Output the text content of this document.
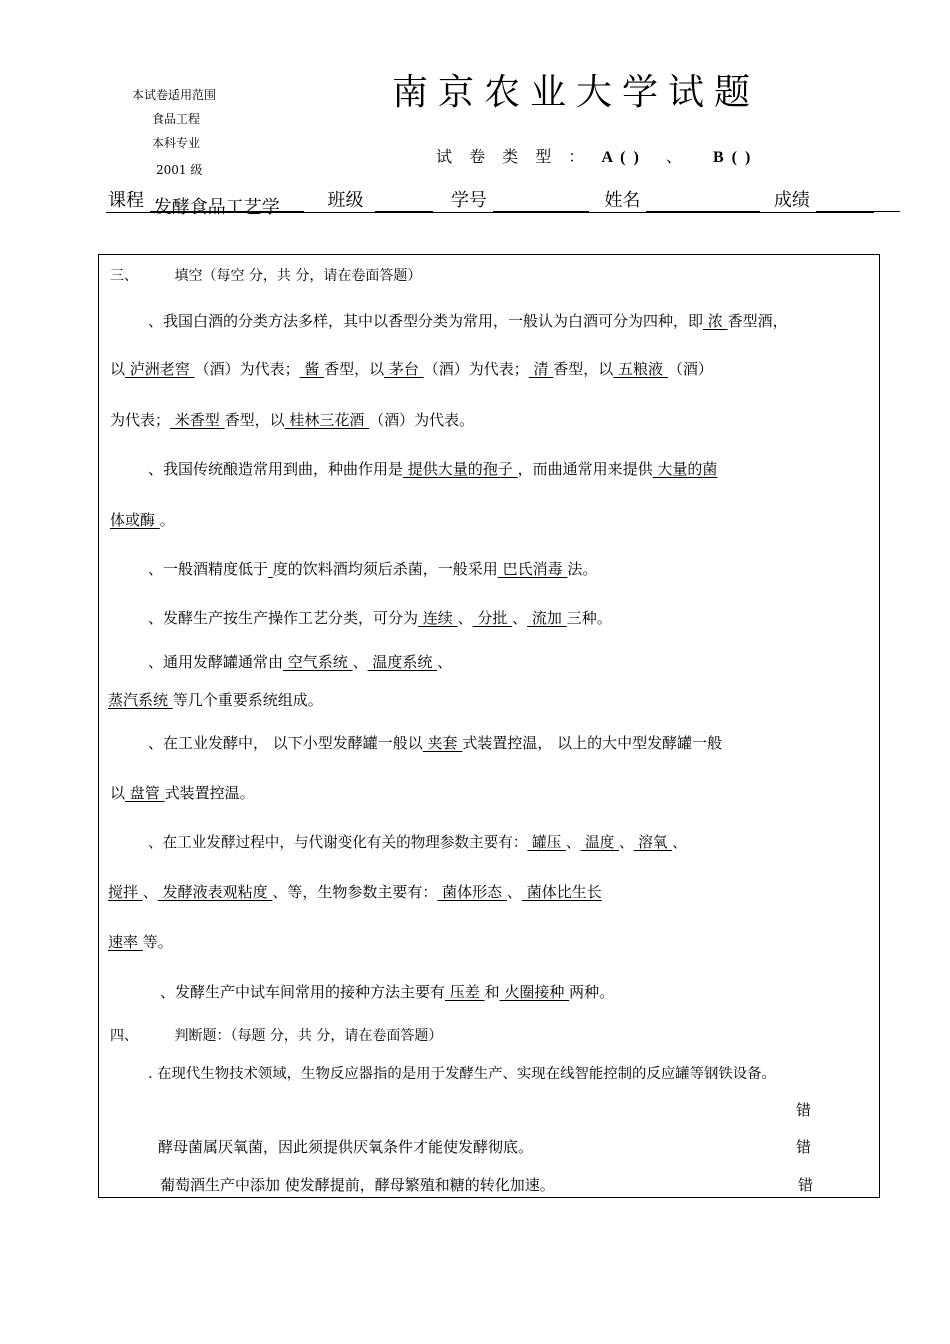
本试卷适用范围
食品工程
本科专业
2001 级
南京农业大学试题
试 卷 类 型 ： A ( ) 、 B ( )
课程 发酵食品工艺学	班级	学号	姓名	成绩
三、	填空（每空 分，共 分，请在卷面答题）
、我国白酒的分类方法多样，其中以香型分类为常用，一般认为白酒可分为四种，即 浓 香型酒，
以 泸洲老窖 （酒）为代表； 酱 香型，以 茅台 （酒）为代表； 清 香型，以 五粮液 （酒）
为代表； 米香型 香型，以 桂林三花酒 （酒）为代表。
、我国传统酿造常用到曲，种曲作用是 提供大量的孢子 ，而曲通常用来提供 大量的菌
体或酶 。
、一般酒精度低于 度的饮料酒均须后杀菌，一般采用 巴氏消毒 法。
、发酵生产按生产操作工艺分类，可分为 连续 、 分批 、 流加 三种。
、通用发酵罐通常由 空气系统 、 温度系统 、
蒸汽系统 等几个重要系统组成。
、在工业发酵中， 以下小型发酵罐一般以 夹套 式装置控温， 以上的大中型发酵罐一般
以 盘管 式装置控温。
、在工业发酵过程中，与代谢变化有关的物理参数主要有： 罐压 、 温度 、 溶氧 、
搅拌 、 发酵液表观粘度 、等，生物参数主要有： 菌体形态 、 菌体比生长
速率 等。
、发酵生产中试车间常用的接种方法主要有 压差 和 火圈接种 两种。
四、	判断题：（每题 分，共 分，请在卷面答题）
. 在现代生物技术领域，生物反应器指的是用于发酵生产、实现在线智能控制的反应罐等钢铁设备。
错
酵母菌属厌氧菌，因此须提供厌氧条件才能使发酵彻底。	错
葡萄酒生产中添加 使发酵提前，酵母繁殖和糖的转化加速。	错
